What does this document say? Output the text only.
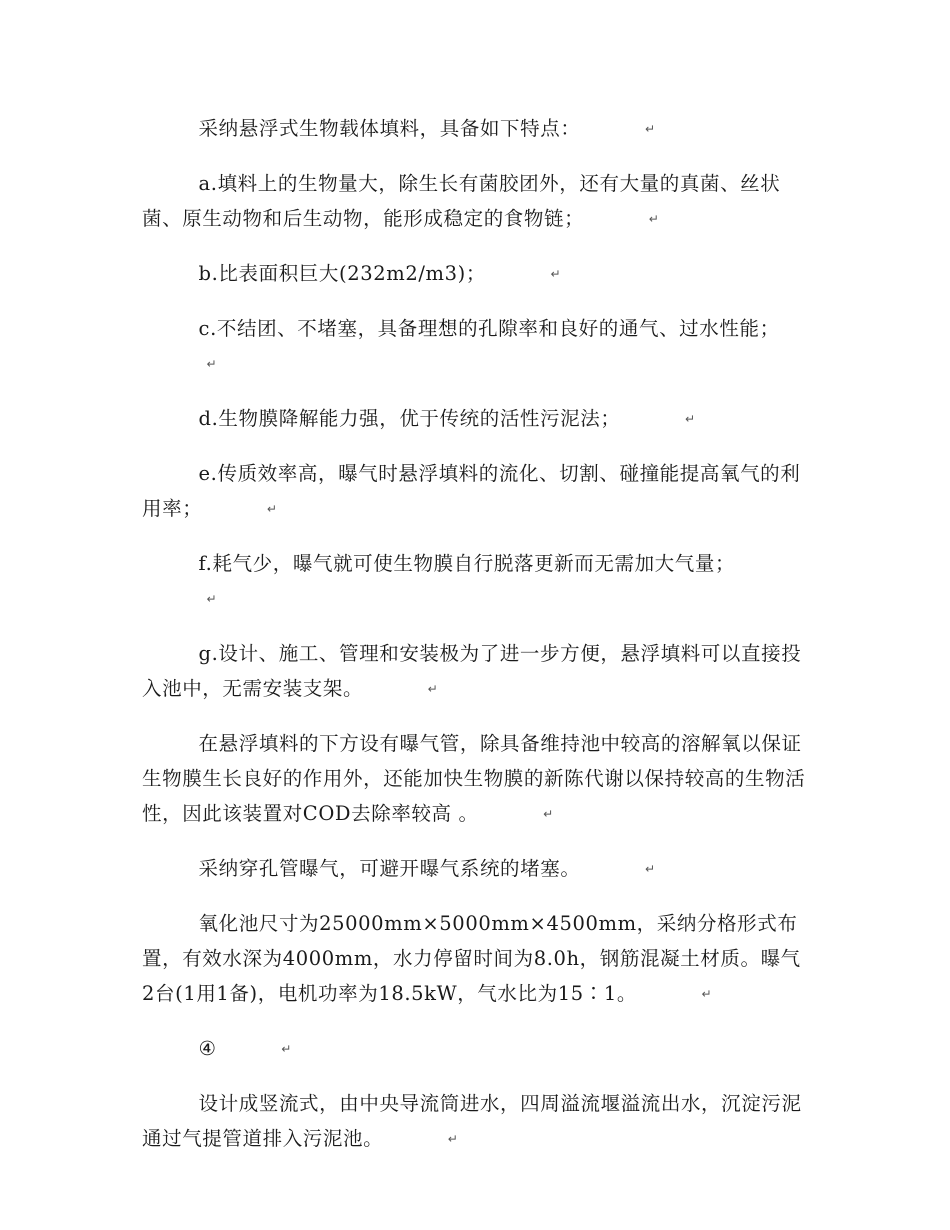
采纳悬浮式生物载体填料，具备如下特点：	↵

a.填料上的生物量大，除生长有菌胶团外，还有大量的真菌、丝状菌、原生动物和后生动物，能形成稳定的食物链；	↵

b.比表面积巨大(232m2/m3)；	↵

c.不结团、不堵塞，具备理想的孔隙率和良好的通气、过水性能；↵

d.生物膜降解能力强，优于传统的活性污泥法；	↵

e.传质效率高，曝气时悬浮填料的流化、切割、碰撞能提高氧气的利用率；	↵

f.耗气少，曝气就可使生物膜自行脱落更新而无需加大气量；↵

g.设计、施工、管理和安装极为了进一步方便，悬浮填料可以直接投入池中，无需安装支架。	↵

在悬浮填料的下方设有曝气管，除具备维持池中较高的溶解氧以保证生物膜生长良好的作用外，还能加快生物膜的新陈代谢以保持较高的生物活性，因此该装置对COD去除率较高 。	↵

采纳穿孔管曝气，可避开曝气系统的堵塞。	↵

氧化池尺寸为25000mm×5000mm×4500mm，采纳分格形式布置，有效水深为4000mm，水力停留时间为8.0h，钢筋混凝土材质。曝气2台(1用1备)，电机功率为18.5kW，气水比为15∶1。	↵

④	↵

设计成竖流式，由中央导流筒进水，四周溢流堰溢流出水，沉淀污泥通过气提管道排入污泥池。	↵
